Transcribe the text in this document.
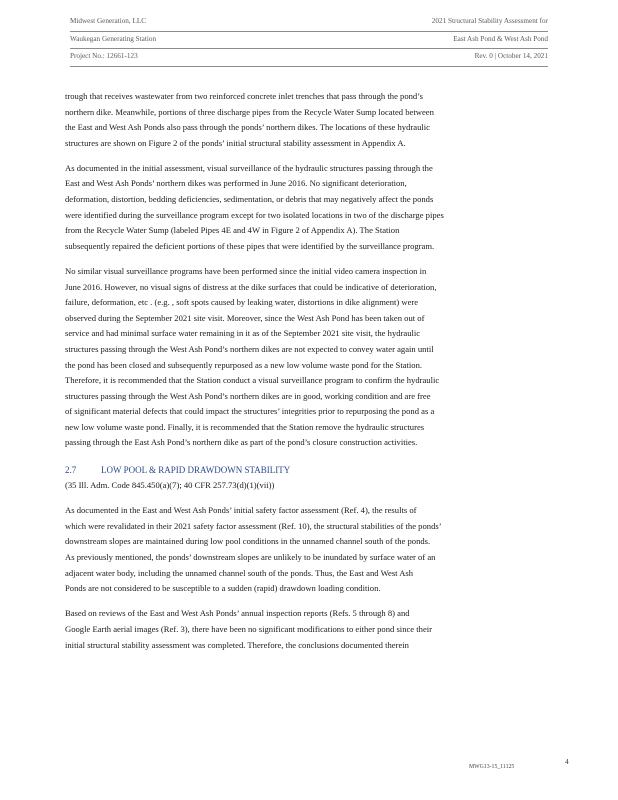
Midwest Generation, LLC	2021 Structural Stability Assessment for
Waukegan Generating Station	East Ash Pond & West Ash Pond
Project No.: 12661-123	Rev. 0 | October 14, 2021

trough that receives wastewater from two reinforced concrete inlet trenches that pass through the pond’s
northern dike. Meanwhile, portions of three discharge pipes from the Recycle Water Sump located between
the East and West Ash Ponds also pass through the ponds’ northern dikes. The locations of these hydraulic
structures are shown on Figure 2 of the ponds’ initial structural stability assessment in Appendix A.

As documented in the initial assessment, visual surveillance of the hydraulic structures passing through the
East and West Ash Ponds’ northern dikes was performed in June 2016. No significant deterioration,
deformation, distortion, bedding deficiencies, sedimentation, or debris that may negatively affect the ponds
were identified during the surveillance program except for two isolated locations in two of the discharge pipes
from the Recycle Water Sump (labeled Pipes 4E and 4W in Figure 2 of Appendix A). The Station
subsequently repaired the deficient portions of these pipes that were identified by the surveillance program.

No similar visual surveillance programs have been performed since the initial video camera inspection in
June 2016. However, no visual signs of distress at the dike surfaces that could be indicative of deterioration,
failure, deformation, etc . (e.g. , soft spots caused by leaking water, distortions in dike alignment) were
observed during the September 2021 site visit. Moreover, since the West Ash Pond has been taken out of
service and had minimal surface water remaining in it as of the September 2021 site visit, the hydraulic
structures passing through the West Ash Pond’s northern dikes are not expected to convey water again until
the pond has been closed and subsequently repurposed as a new low volume waste pond for the Station.
Therefore, it is recommended that the Station conduct a visual surveillance program to confirm the hydraulic
structures passing through the West Ash Pond’s northern dikes are in good, working condition and are free
of significant material defects that could impact the structures’ integrities prior to repurposing the pond as a
new low volume waste pond. Finally, it is recommended that the Station remove the hydraulic structures
passing through the East Ash Pond’s northern dike as part of the pond’s closure construction activities.

2.7	LOW POOL & RAPID DRAWDOWN STABILITY

(35 Ill. Adm. Code 845.450(a)(7); 40 CFR 257.73(d)(1)(vii))

As documented in the East and West Ash Ponds’ initial safety factor assessment (Ref. 4), the results of
which were revalidated in their 2021 safety factor assessment (Ref. 10), the structural stabilities of the ponds’
downstream slopes are maintained during low pool conditions in the unnamed channel south of the ponds.
As previously mentioned, the ponds’ downstream slopes are unlikely to be inundated by surface water of an
adjacent water body, including the unnamed channel south of the ponds. Thus, the East and West Ash
Ponds are not considered to be susceptible to a sudden (rapid) drawdown loading condition.

Based on reviews of the East and West Ash Ponds’ annual inspection reports (Refs. 5 through 8) and
Google Earth aerial images (Ref. 3), there have been no significant modifications to either pond since their
initial structural stability assessment was completed. Therefore, the conclusions documented therein

MWG13-15_11125
4
